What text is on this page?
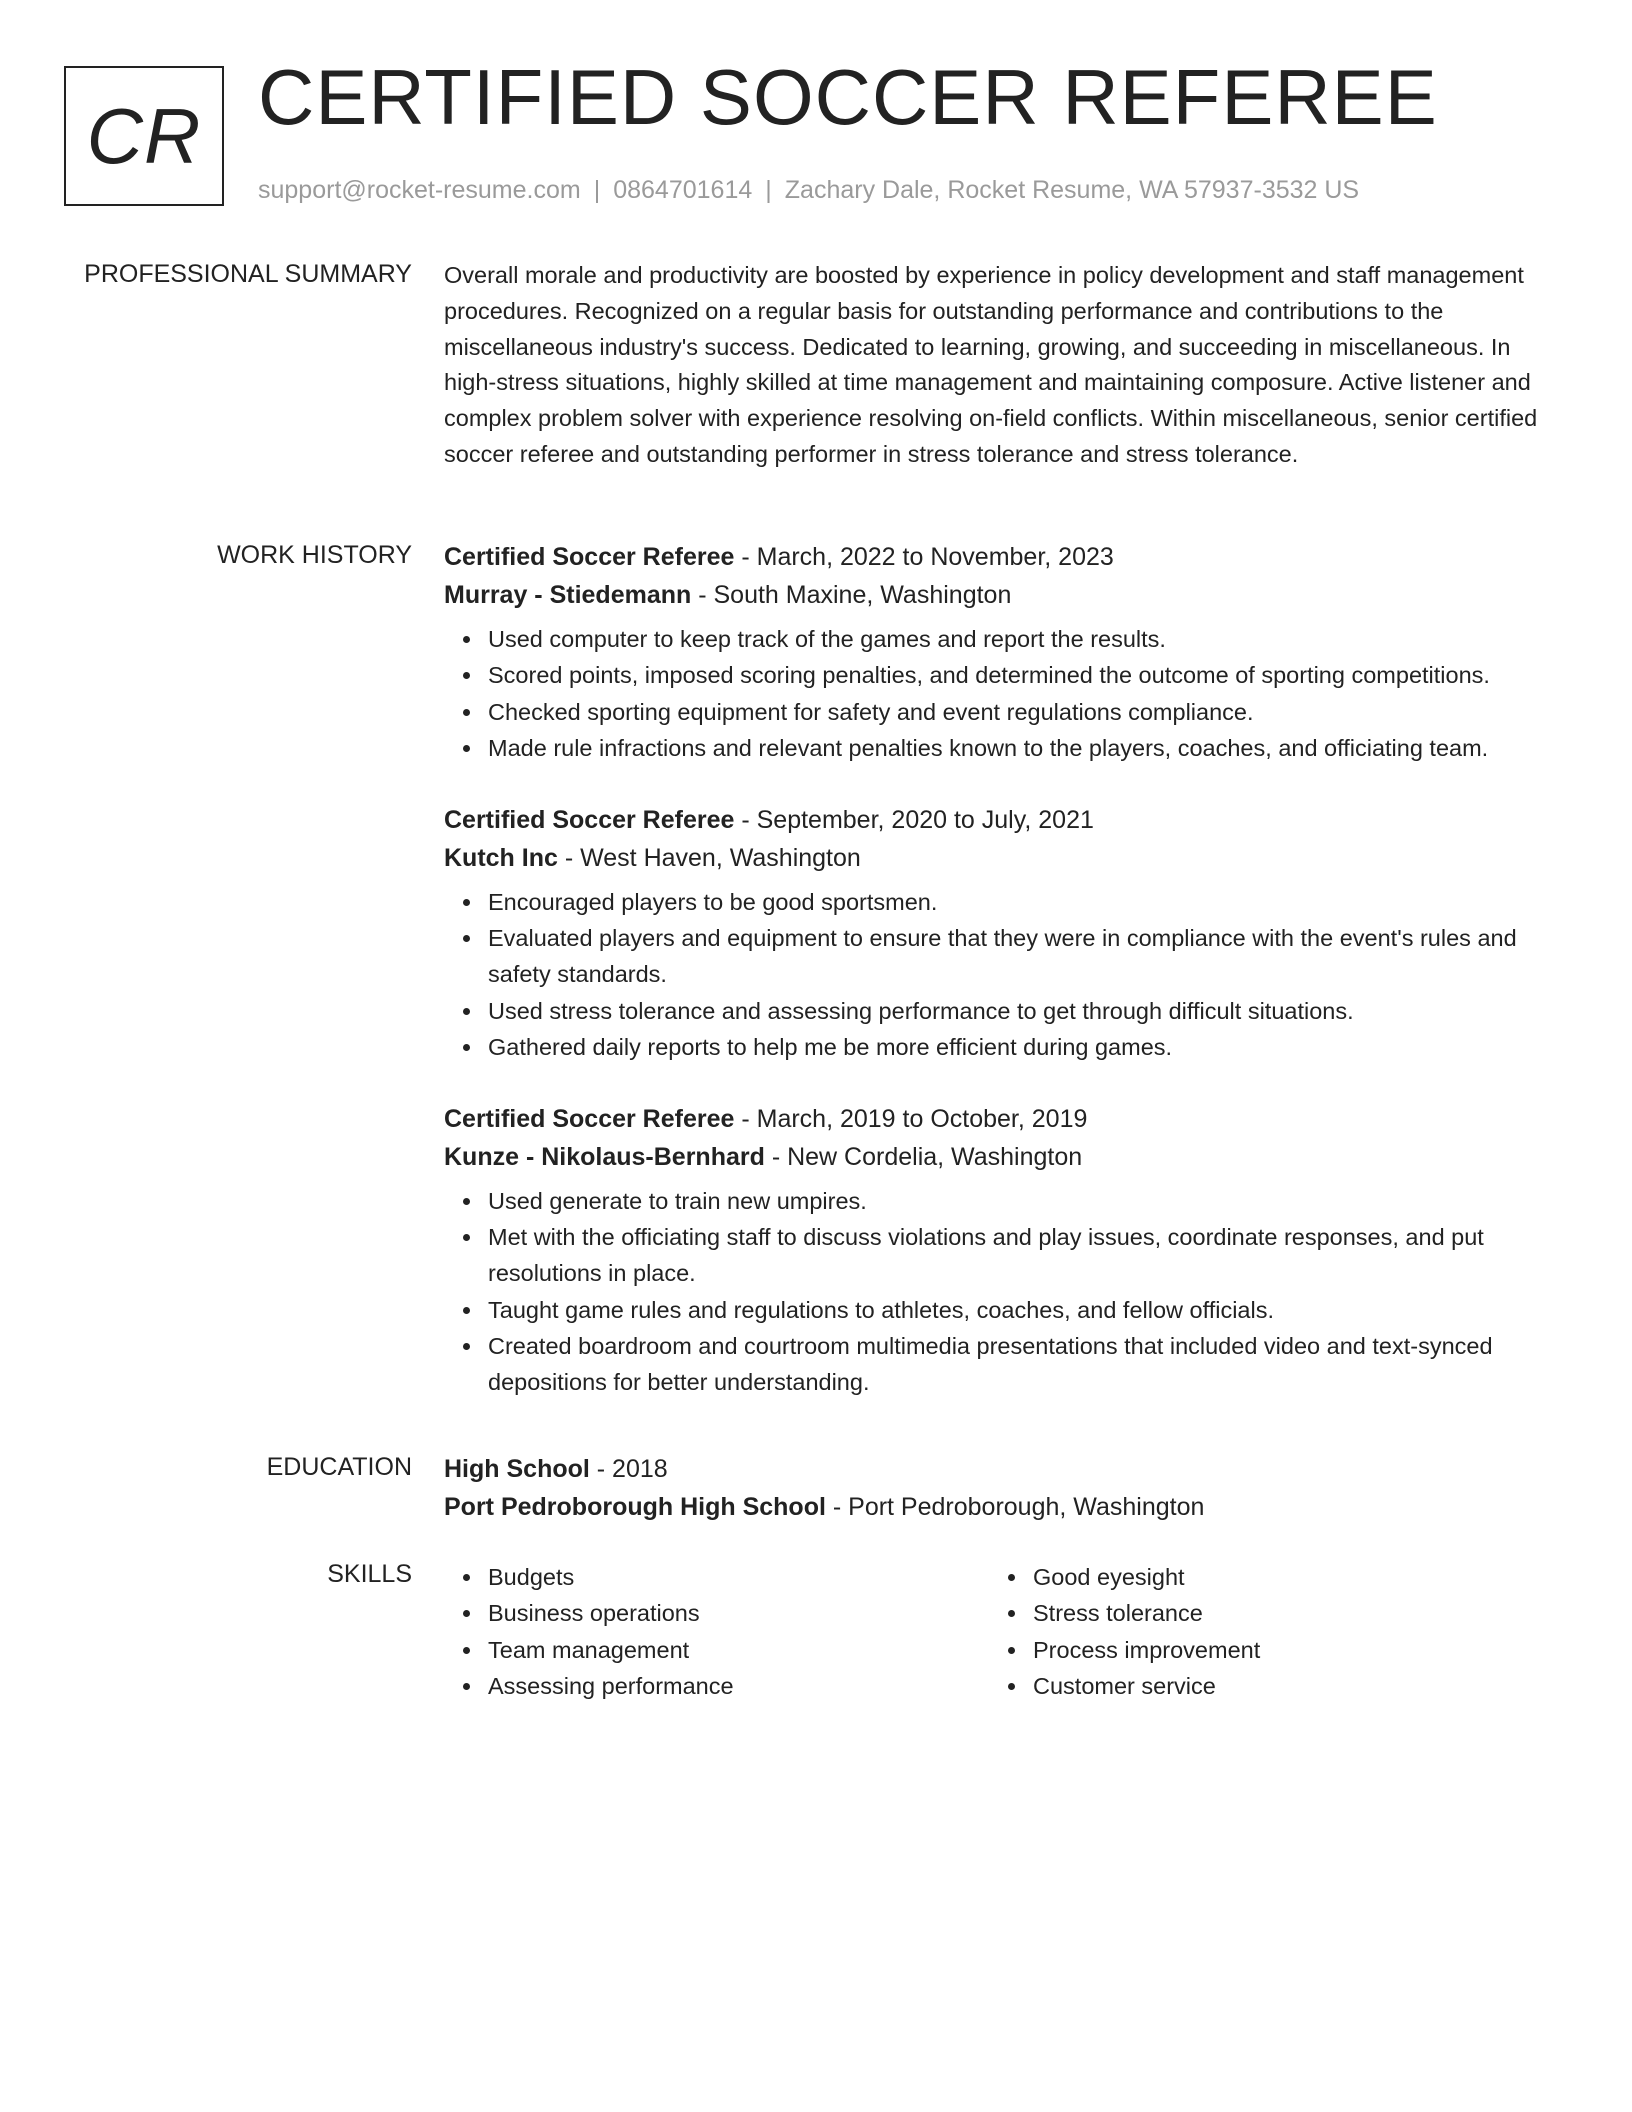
CR CERTIFIED SOCCER REFEREE
support@rocket-resume.com | 0864701614 | Zachary Dale, Rocket Resume, WA 57937-3532 US
PROFESSIONAL SUMMARY Overall morale and productivity are boosted by experience in policy development and staff management procedures. Recognized on a regular basis for outstanding performance and contributions to the miscellaneous industry's success. Dedicated to learning, growing, and succeeding in miscellaneous. In high-stress situations, highly skilled at time management and maintaining composure. Active listener and complex problem solver with experience resolving on-field conflicts. Within miscellaneous, senior certified soccer referee and outstanding performer in stress tolerance and stress tolerance.
WORK HISTORY Certified Soccer Referee - March, 2022 to November, 2023
Murray - Stiedemann - South Maxine, Washington
Used computer to keep track of the games and report the results.
Scored points, imposed scoring penalties, and determined the outcome of sporting competitions.
Checked sporting equipment for safety and event regulations compliance.
Made rule infractions and relevant penalties known to the players, coaches, and officiating team.
Certified Soccer Referee - September, 2020 to July, 2021
Kutch Inc - West Haven, Washington
Encouraged players to be good sportsmen.
Evaluated players and equipment to ensure that they were in compliance with the event's rules and safety standards.
Used stress tolerance and assessing performance to get through difficult situations.
Gathered daily reports to help me be more efficient during games.
Certified Soccer Referee - March, 2019 to October, 2019
Kunze - Nikolaus-Bernhard - New Cordelia, Washington
Used generate to train new umpires.
Met with the officiating staff to discuss violations and play issues, coordinate responses, and put resolutions in place.
Taught game rules and regulations to athletes, coaches, and fellow officials.
Created boardroom and courtroom multimedia presentations that included video and text-synced depositions for better understanding.
EDUCATION High School - 2018
Port Pedroborough High School - Port Pedroborough, Washington
SKILLS	Budgets
Business operations
Team management
Assessing performance
Good eyesight
Stress tolerance
Process improvement
Customer service
